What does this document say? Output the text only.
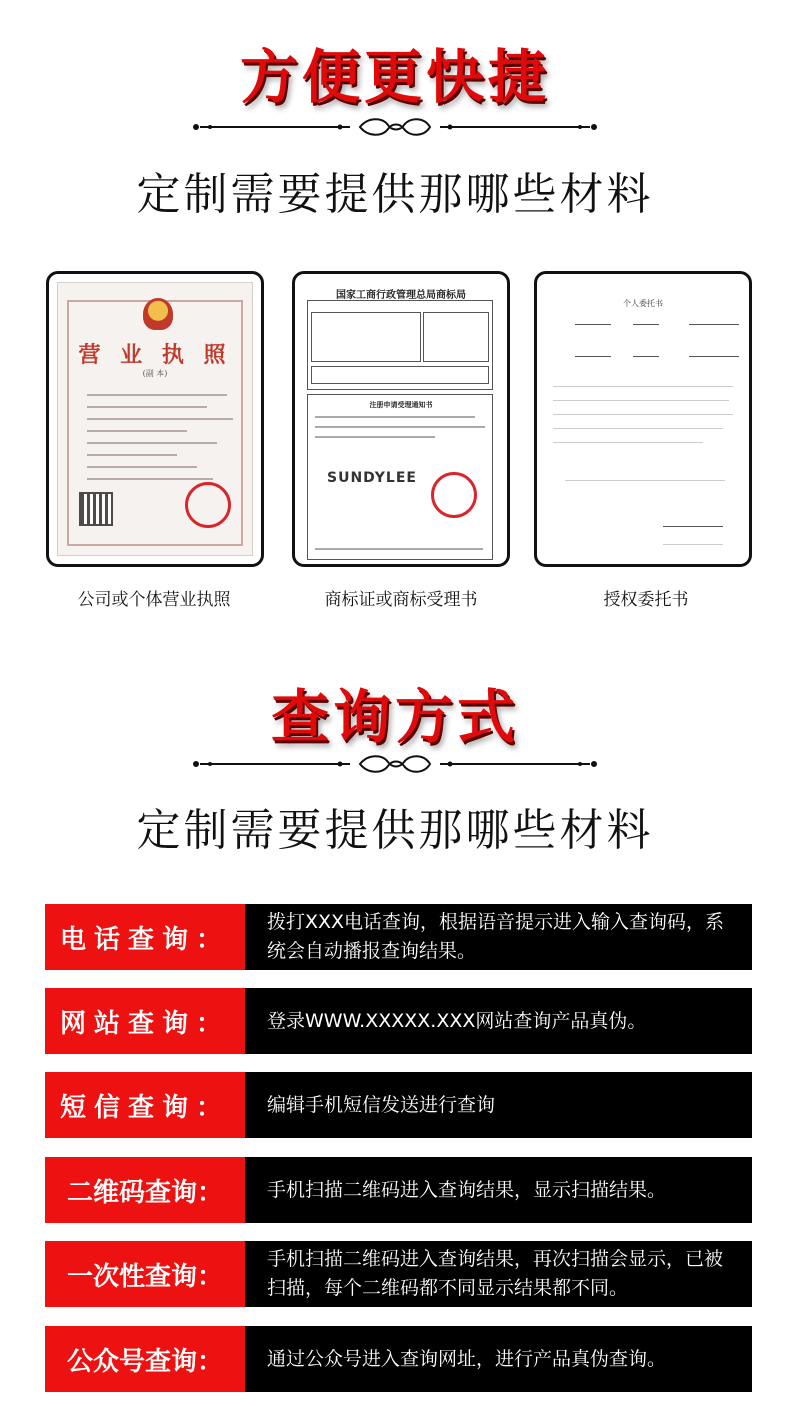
方便更快捷
定制需要提供那哪些材料
营 业 执 照
(副 本)
公司或个体营业执照
国家工商行政管理总局商标局
注册申请受理通知书
SUNDYLEE
商标证或商标受理书
个人委托书
授权委托书
查询方式
定制需要提供那哪些材料
电话查询：
拨打XXX电话查询，根据语音提示进入输入查询码，系统会自动播报查询结果。
网站查询：	登录WWW.XXXXX.XXX网站查询产品真伪。
短信查询：	编辑手机短信发送进行查询
二维码查询：	手机扫描二维码进入查询结果，显示扫描结果。
一次性查询：
手机扫描二维码进入查询结果，再次扫描会显示，已被扫描，每个二维码都不同显示结果都不同。
公众号查询：	通过公众号进入查询网址，进行产品真伪查询。
